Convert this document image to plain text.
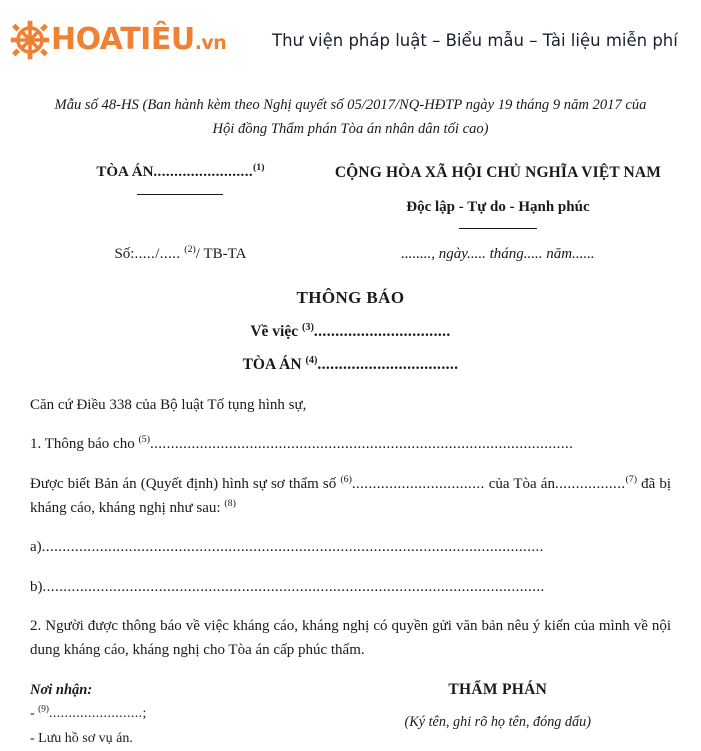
HOATIÊU.vn	Thư viện pháp luật – Biểu mẫu – Tài liệu miễn phí
Mẫu số 48-HS (Ban hành kèm theo Nghị quyết số 05/2017/NQ-HĐTP ngày 19 tháng 9 năm 2017 của
Hội đồng Thẩm phán Tòa án nhân dân tối cao)
TÒA ÁN........................$^{(1)}$	CỘNG HÒA XÃ HỘI CHỦ NGHĨA VIỆT NAM
Độc lập - Tự do - Hạnh phúc
Số:...../..... $^{(2)}$/ TB-TA	........, ngày..... tháng..... năm......
THÔNG BÁO
Về việc $^{(3)}$................................
TÒA ÁN $^{(4)}$.................................

Căn cứ Điều 338 của Bộ luật Tố tụng hình sự,

1. Thông báo cho $^{(5)}$......................................................................................................

Được biết Bản án (Quyết định) hình sự sơ thẩm số $^{(6)}$................................ của Tòa án.................$^{(7)}$ đã bị kháng cáo, kháng nghị như sau: $^{(8)}$

a).........................................................................................................................

b).........................................................................................................................

2. Người được thông báo về việc kháng cáo, kháng nghị có quyền gửi văn bản nêu ý kiến của mình về nội dung kháng cáo, kháng nghị cho Tòa án cấp phúc thẩm.

Nơi nhận:
- $^{(9)}$........................;
- Lưu hồ sơ vụ án.
THẨM PHÁN
(Ký tên, ghi rõ họ tên, đóng dấu)
